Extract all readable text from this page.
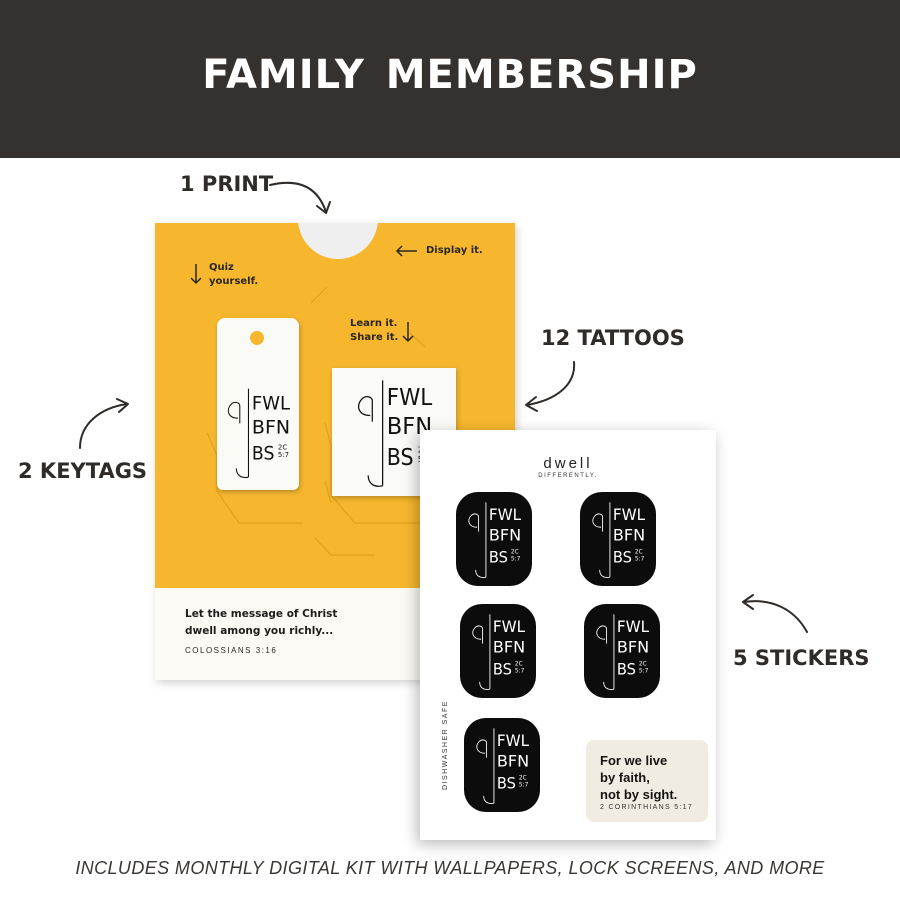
FAMILY MEMBERSHIP
1 PRINT
12 TATTOOS
2 KEYTAGS
5 STICKERS
Quiz
yourself.
Display it.
Learn it.
Share it.
Let the message of Christ
dwell among you richly...
COLOSSIANS 3:16
dwell
DIFFERENTLY.
DISHWASHER SAFE	For we live
by faith,
not by sight.
2 CORINTHIANS 5:17
INCLUDES MONTHLY DIGITAL KIT WITH WALLPAPERS, LOCK SCREENS, AND MORE
